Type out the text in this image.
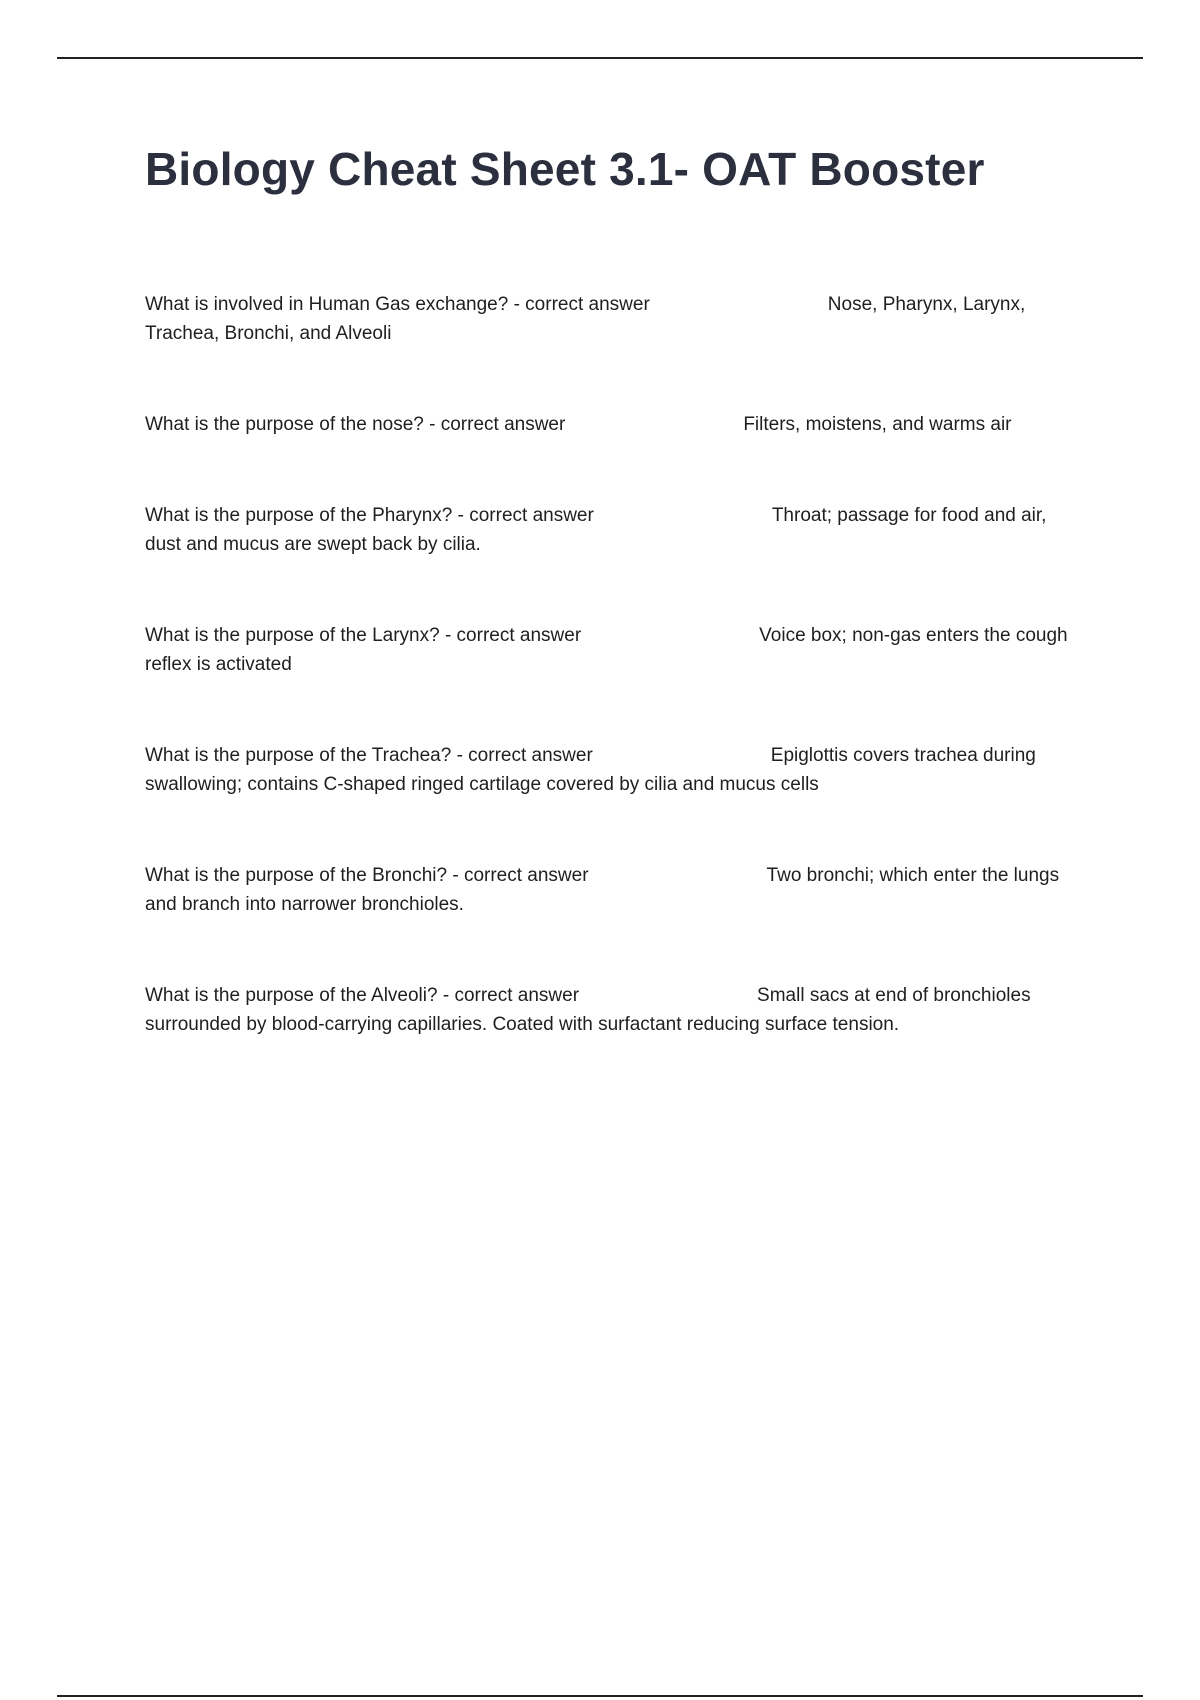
Biology Cheat Sheet 3.1- OAT Booster
What is involved in Human Gas exchange? - correct answer	Nose, Pharynx, Larynx, Trachea, Bronchi, and Alveoli
What is the purpose of the nose? - correct answer	Filters, moistens, and warms air
What is the purpose of the Pharynx? - correct answer	Throat; passage for food and air, dust and mucus are swept back by cilia.
What is the purpose of the Larynx? - correct answer	Voice box; non-gas enters the cough reflex is activated
What is the purpose of the Trachea? - correct answer	Epiglottis covers trachea during swallowing; contains C-shaped ringed cartilage covered by cilia and mucus cells
What is the purpose of the Bronchi? - correct answer	Two bronchi; which enter the lungs and branch into narrower bronchioles.
What is the purpose of the Alveoli? - correct answer	Small sacs at end of bronchioles surrounded by blood-carrying capillaries. Coated with surfactant reducing surface tension.
